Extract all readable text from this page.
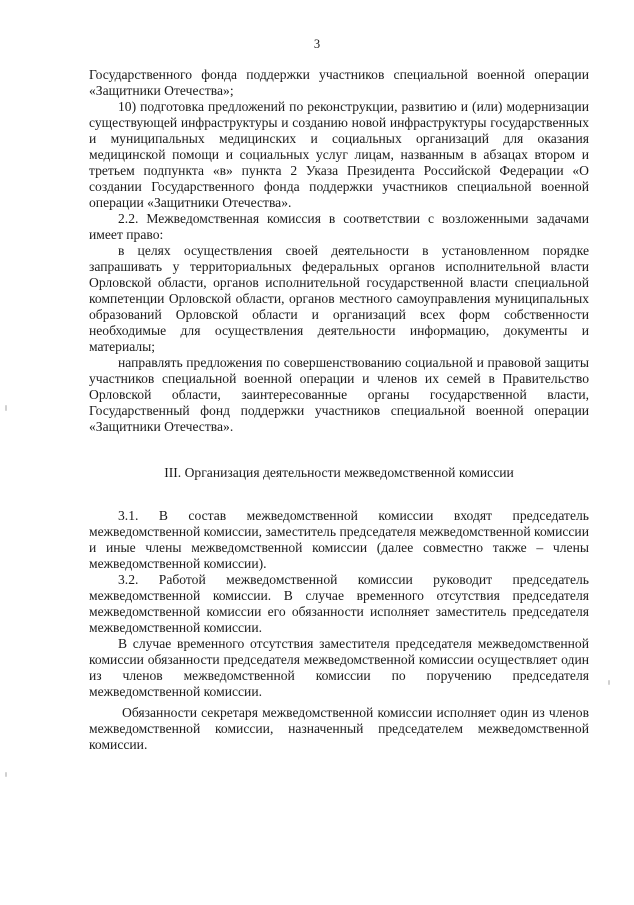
3

Государственного фонда поддержки участников специальной военной операции «Защитники Отечества»;

10) подготовка предложений по реконструкции, развитию и (или) модернизации существующей инфраструктуры и созданию новой инфраструктуры государственных и муниципальных медицинских и социальных организаций для оказания медицинской помощи и социальных услуг лицам, названным в абзацах втором и третьем подпункта «в» пункта 2 Указа Президента Российской Федерации «О создании Государственного фонда поддержки участников специальной военной операции «Защитники Отечества».

2.2. Межведомственная комиссия в соответствии с возложенными задачами имеет право:

в целях осуществления своей деятельности в установленном порядке запрашивать у территориальных федеральных органов исполнительной власти Орловской области, органов исполнительной государственной власти специальной компетенции Орловской области, органов местного самоуправления муниципальных образований Орловской области и организаций всех форм собственности необходимые для осуществления деятельности информацию, документы и материалы;

направлять предложения по совершенствованию социальной и правовой защиты участников специальной военной операции и членов их семей в Правительство Орловской области, заинтересованные органы государственной власти, Государственный фонд поддержки участников специальной военной операции «Защитники Отечества».

III. Организация деятельности межведомственной комиссии

3.1. В состав межведомственной комиссии входят председатель межведомственной комиссии, заместитель председателя межведомственной комиссии и иные члены межведомственной комиссии (далее совместно также – члены межведомственной комиссии).

3.2. Работой межведомственной комиссии руководит председатель межведомственной комиссии. В случае временного отсутствия председателя межведомственной комиссии его обязанности исполняет заместитель председателя межведомственной комиссии.

В случае временного отсутствия заместителя председателя межведомственной комиссии обязанности председателя межведомственной комиссии осуществляет один из членов межведомственной комиссии по поручению председателя межведомственной комиссии.

Обязанности секретаря межведомственной комиссии исполняет один из членов межведомственной комиссии, назначенный председателем межведомственной комиссии.
